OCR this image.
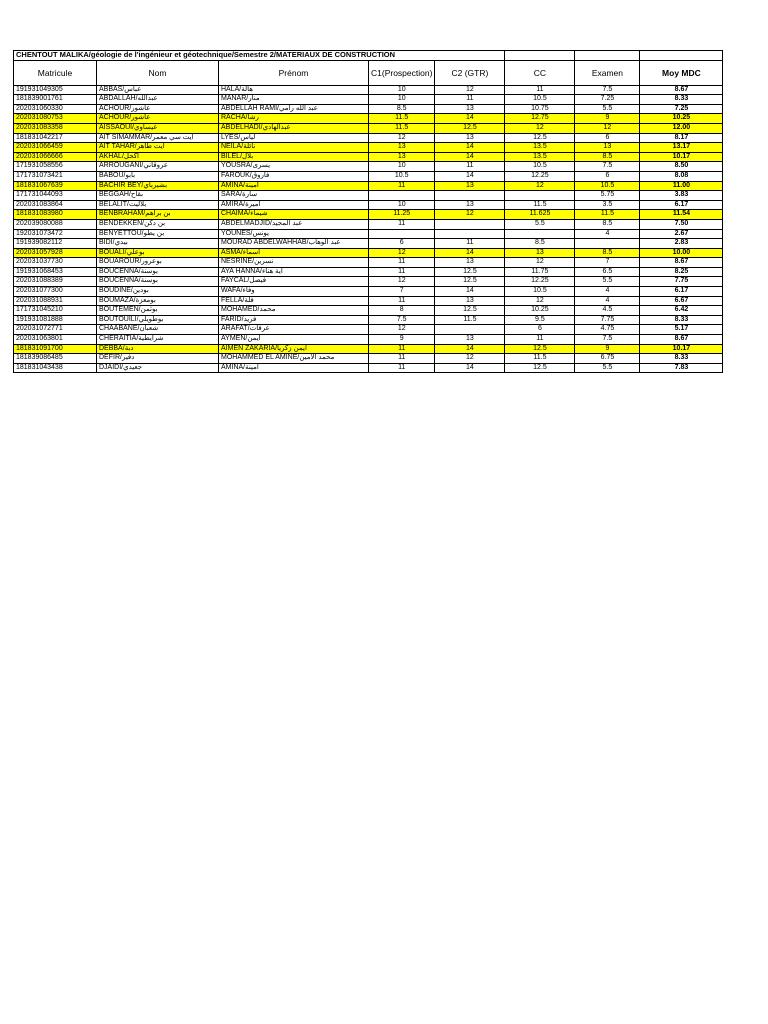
CHENTOUT MALIKA/géologie de l'ingénieur et géotechnique/Semestre 2/MATERIAUX DE CONSTRUCTION							
Matricule	Nom	Prénom	C1(Prospection)	C2 (GTR)	CC	Examen	Moy MDC
191931049305	ABBAS/عباس	HALA/هالة	10	12	11	7.5	8.67
181839001761	ABDALLAH/عبدالله	MANAR/منار	10	11	10.5	7.25	8.33
202031060330	ACHOUR/عاشور	ABDELLAH RAMI/عبد الله رامي	8.5	13	10.75	5.5	7.25
202031080753	ACHOUR/عاشور	RACHA/رشا	11.5	14	12.75	9	10.25
202031083358	AISSAOUI/عيساوي	ABDELHADI/عبدالهادي	11.5	12.5	12	12	12.00
181831042217	AIT SIMAMMAR/أيت سي معمر	LYES/لياس	12	13	12.5	6	8.17
202031066459	AIT TAHAR/أيت طاهر	NEILA/نائلة	13	14	13.5	13	13.17
202031066666	AKHAL/أكحل	BILEL/بلال	13	14	13.5	8.5	10.17
171931058556	ARROUGANI/عروقاني	YOUSRA/يسرى	10	11	10.5	7.5	8.50
171731073421	BABOU/بابو	FAROUK/فاروق	10.5	14	12.25	6	8.08
181831067639	BACHIR BEY/بشيرباي	AMINA/أمينة	11	13	12	10.5	11.00
171731044093	BEGGAH/بقاح	SARA/سارة				5.75	3.83
202031083864	BELALIT/بلاليت	AMIRA/اميرة	10	13	11.5	3.5	6.17
181831083980	BENBRAHAM/بن براهم	CHAIMA/شيماء	11.25	12	11.625	11.5	11.54
202039080088	BENDEKKEN/بن دكن	ABDELMADJID/عبد المجيد	11		5.5	8.5	7.50
192031073472	BENYETTOU/بن يطو	YOUNES/يونس				4	2.67
191939082112	BIDI/بيدي	MOURAD ABDELWAHHAB/عبد الوهاب	6	11	8.5		2.83
202031057928	BOUALI/بوعلي	ASMA/أسماء	12	14	13	8.5	10.00
202031037730	BOUAROUR/بوعرور	NESRINE/نسرين	11	13	12	7	8.67
191931068453	BOUCENNA/بوسنة	AYA HANNA/آية هناء	11	12.5	11.75	6.5	8.25
202031088389	BOUCENNA/بوسنة	FAYCAL/فيصل	12	12.5	12.25	5.5	7.75
202031077300	BOUDINE/بودين	WAFA/وفاء	7	14	10.5	4	6.17
202031088931	BOUMAZA/بومعزة	FELLA/فلة	11	13	12	4	6.67
171731045210	BOUTEMEN/بوثمن	MOHAMED/محمد	8	12.5	10.25	4.5	6.42
191931081888	BOUTOUILI/بوطويلي	FARID/فريد	7.5	11.5	9.5	7.75	8.33
202031072771	CHAABANE/شعبان	ARAFAT/عرفات	12		6	4.75	5.17
202031063801	CHERAITIA/شرايطية	AYMEN/أيمن	9	13	11	7.5	8.67
181831091700	DEBBA/دبة	AIMEN ZAKARIA/أيمن زكريا	11	14	12.5	9	10.17
181839086485	DEFIR/دفير	MOHAMMED EL AMINE/محمد الأمين	11	12	11.5	6.75	8.33
181831043438	DJAIDI/جعيدي	AMINA/امينة	11	14	12.5	5.5	7.83
